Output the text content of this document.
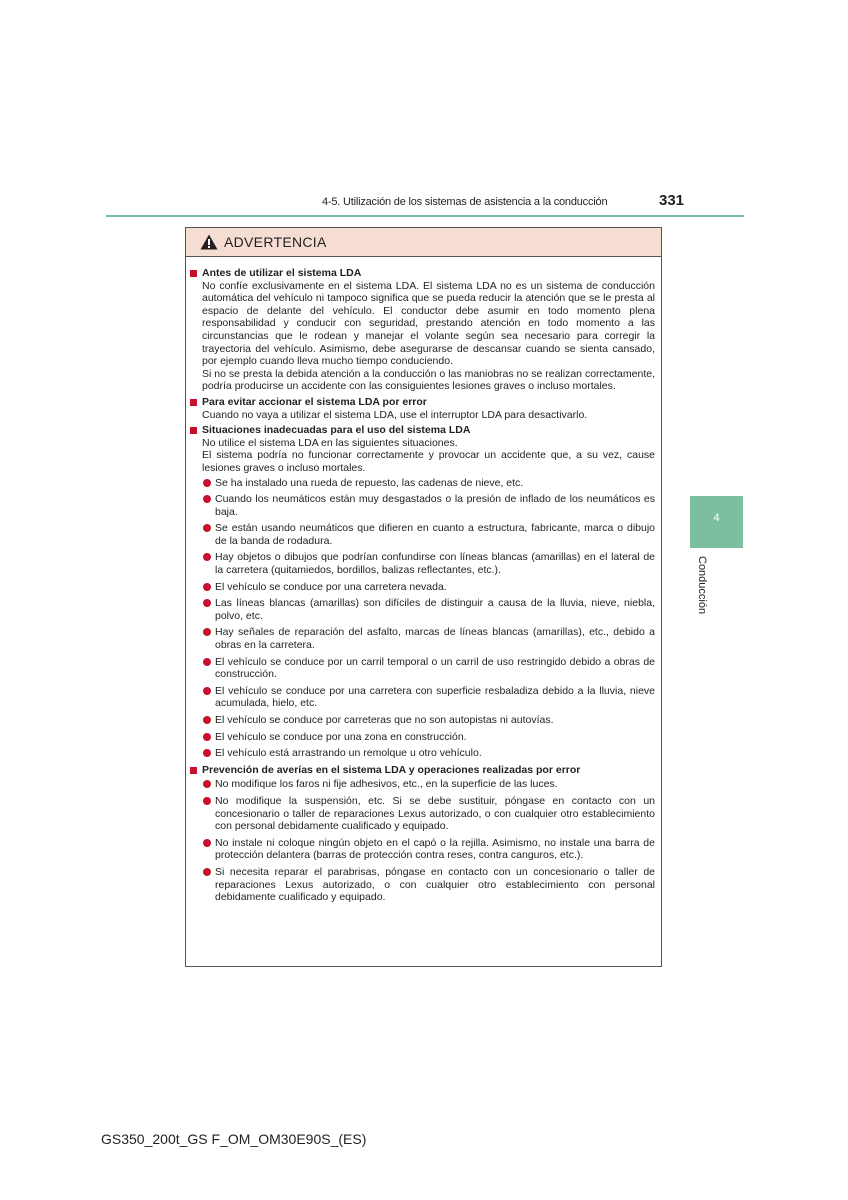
4-5. Utilización de los sistemas de asistencia a la conducción	331
ADVERTENCIA
Antes de utilizar el sistema LDA
No confíe exclusivamente en el sistema LDA. El sistema LDA no es un sistema de conducción automática del vehículo ni tampoco significa que se pueda reducir la atención que se le presta al espacio de delante del vehículo. El conductor debe asumir en todo momento plena responsabilidad y conducir con seguridad, prestando atención en todo momento a las circunstancias que le rodean y manejar el volante según sea necesario para corregir la trayectoria del vehículo. Asimismo, debe asegurarse de descansar cuando se sienta cansado, por ejemplo cuando lleva mucho tiempo conduciendo.
Si no se presta la debida atención a la conducción o las maniobras no se realizan correctamente, podría producirse un accidente con las consiguientes lesiones graves o incluso mortales.
Para evitar accionar el sistema LDA por error
Cuando no vaya a utilizar el sistema LDA, use el interruptor LDA para desactivarlo.
Situaciones inadecuadas para el uso del sistema LDA
No utilice el sistema LDA en las siguientes situaciones.
El sistema podría no funcionar correctamente y provocar un accidente que, a su vez, cause lesiones graves o incluso mortales.
Se ha instalado una rueda de repuesto, las cadenas de nieve, etc.
Cuando los neumáticos están muy desgastados o la presión de inflado de los neumáticos es baja.
Se están usando neumáticos que difieren en cuanto a estructura, fabricante, marca o dibujo de la banda de rodadura.
Hay objetos o dibujos que podrían confundirse con líneas blancas (amarillas) en el lateral de la carretera (quitamiedos, bordillos, balizas reflectantes, etc.).
El vehículo se conduce por una carretera nevada.
Las líneas blancas (amarillas) son difíciles de distinguir a causa de la lluvia, nieve, niebla, polvo, etc.
Hay señales de reparación del asfalto, marcas de líneas blancas (amarillas), etc., debido a obras en la carretera.
El vehículo se conduce por un carril temporal o un carril de uso restringido debido a obras de construcción.
El vehículo se conduce por una carretera con superficie resbaladiza debido a la lluvia, nieve acumulada, hielo, etc.
El vehículo se conduce por carreteras que no son autopistas ni autovías.
El vehículo se conduce por una zona en construcción.
El vehículo está arrastrando un remolque u otro vehículo.
Prevención de averías en el sistema LDA y operaciones realizadas por error
No modifique los faros ni fije adhesivos, etc., en la superficie de las luces.
No modifique la suspensión, etc. Si se debe sustituir, póngase en contacto con un concesionario o taller de reparaciones Lexus autorizado, o con cualquier otro establecimiento con personal debidamente cualificado y equipado.
No instale ni coloque ningún objeto en el capó o la rejilla. Asimismo, no instale una barra de protección delantera (barras de protección contra reses, contra canguros, etc.).
Si necesita reparar el parabrisas, póngase en contacto con un concesionario o taller de reparaciones Lexus autorizado, o con cualquier otro establecimiento con personal debidamente cualificado y equipado.
4
Conducción
GS350_200t_GS F_OM_OM30E90S_(ES)
